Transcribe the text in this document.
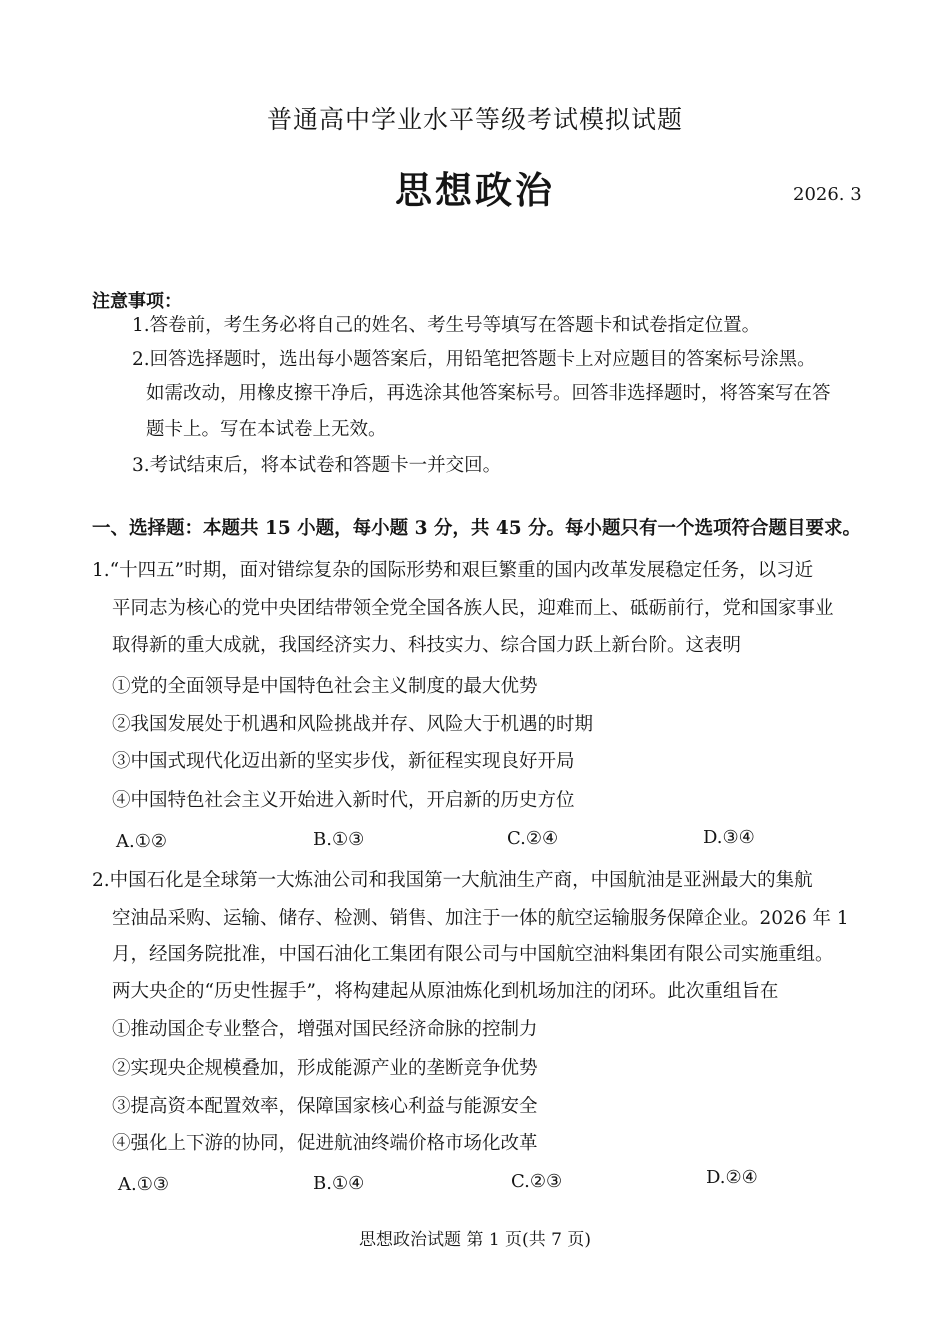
普通高中学业水平等级考试模拟试题
思想政治	2026. 3
注意事项：
1.答卷前，考生务必将自己的姓名、考生号等填写在答题卡和试卷指定位置。
2.回答选择题时，选出每小题答案后，用铅笔把答题卡上对应题目的答案标号涂黑。
如需改动，用橡皮擦干净后，再选涂其他答案标号。回答非选择题时，将答案写在答
题卡上。写在本试卷上无效。
3.考试结束后，将本试卷和答题卡一并交回。
一、选择题：本题共 15 小题，每小题 3 分，共 45 分。每小题只有一个选项符合题目要求。
1.“十四五”时期，面对错综复杂的国际形势和艰巨繁重的国内改革发展稳定任务，以习近
平同志为核心的党中央团结带领全党全国各族人民，迎难而上、砥砺前行，党和国家事业
取得新的重大成就，我国经济实力、科技实力、综合国力跃上新台阶。这表明
①党的全面领导是中国特色社会主义制度的最大优势
②我国发展处于机遇和风险挑战并存、风险大于机遇的时期
③中国式现代化迈出新的坚实步伐，新征程实现良好开局
④中国特色社会主义开始进入新时代，开启新的历史方位
A.①②	B.①③	C.②④	D.③④
2.中国石化是全球第一大炼油公司和我国第一大航油生产商，中国航油是亚洲最大的集航
空油品采购、运输、储存、检测、销售、加注于一体的航空运输服务保障企业。2026 年 1
月，经国务院批准，中国石油化工集团有限公司与中国航空油料集团有限公司实施重组。
两大央企的“历史性握手”，将构建起从原油炼化到机场加注的闭环。此次重组旨在
①推动国企专业整合，增强对国民经济命脉的控制力
②实现央企规模叠加，形成能源产业的垄断竞争优势
③提高资本配置效率，保障国家核心利益与能源安全
④强化上下游的协同，促进航油终端价格市场化改革
A.①③	B.①④	C.②③	D.②④
思想政治试题 第 1 页(共 7 页)
